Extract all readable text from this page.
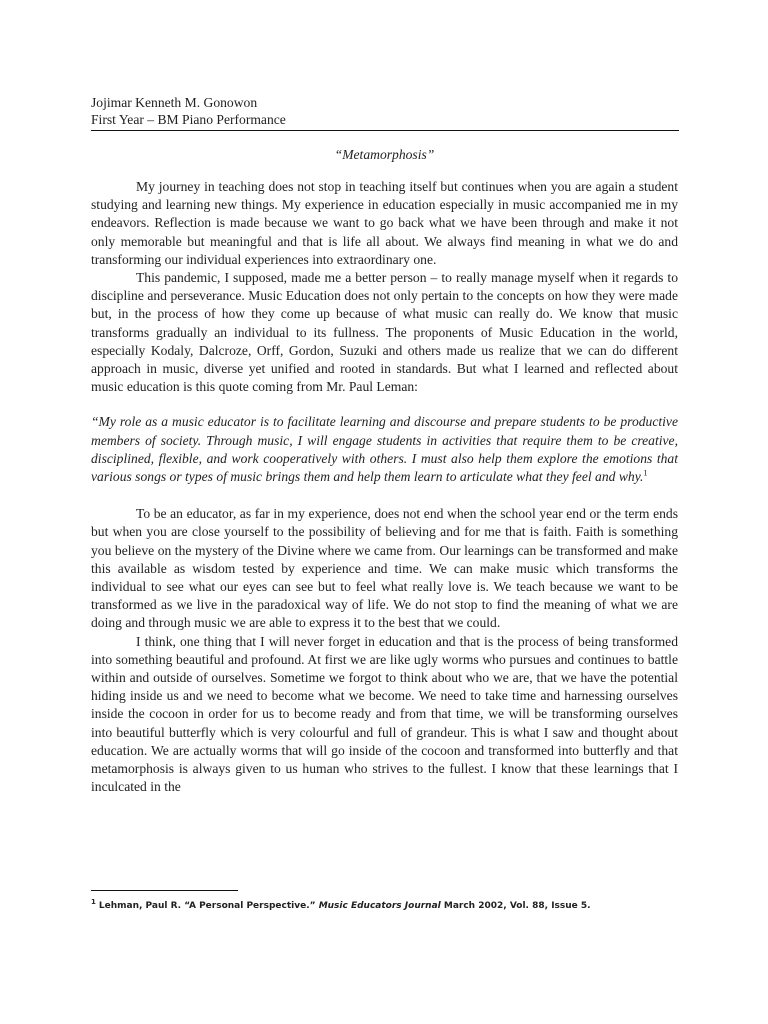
Jojimar Kenneth M. Gonowon

First Year – BM Piano Performance

“Metamorphosis”

My journey in teaching does not stop in teaching itself but continues when you are again a student studying and learning new things. My experience in education especially in music accompanied me in my endeavors. Reflection is made because we want to go back what we have been through and make it not only memorable but meaningful and that is life all about. We always find meaning in what we do and transforming our individual experiences into extraordinary one.

This pandemic, I supposed, made me a better person – to really manage myself when it regards to discipline and perseverance. Music Education does not only pertain to the concepts on how they were made but, in the process of how they come up because of what music can really do. We know that music transforms gradually an individual to its fullness. The proponents of Music Education in the world, especially Kodaly, Dalcroze, Orff, Gordon, Suzuki and others made us realize that we can do different approach in music, diverse yet unified and rooted in standards. But what I learned and reflected about music education is this quote coming from Mr. Paul Leman:

“My role as a music educator is to facilitate learning and discourse and prepare students to be productive members of society. Through music, I will engage students in activities that require them to be creative, disciplined, flexible, and work cooperatively with others. I must also help them explore the emotions that various songs or types of music brings them and help them learn to articulate what they feel and why.$^1$

To be an educator, as far in my experience, does not end when the school year end or the term ends but when you are close yourself to the possibility of believing and for me that is faith. Faith is something you believe on the mystery of the Divine where we came from. Our learnings can be transformed and make this available as wisdom tested by experience and time. We can make music which transforms the individual to see what our eyes can see but to feel what really love is. We teach because we want to be transformed as we live in the paradoxical way of life. We do not stop to find the meaning of what we are doing and through music we are able to express it to the best that we could.

I think, one thing that I will never forget in education and that is the process of being transformed into something beautiful and profound. At first we are like ugly worms who pursues and continues to battle within and outside of ourselves. Sometime we forgot to think about who we are, that we have the potential hiding inside us and we need to become what we become. We need to take time and harnessing ourselves inside the cocoon in order for us to become ready and from that time, we will be transforming ourselves into beautiful butterfly which is very colourful and full of grandeur. This is what I saw and thought about education. We are actually worms that will go inside of the cocoon and transformed into butterfly and that metamorphosis is always given to us human who strives to the fullest. I know that these learnings that I inculcated in the

$^1$ Lehman, Paul R. “A Personal Perspective.” Music Educators Journal March 2002, Vol. 88, Issue 5.
